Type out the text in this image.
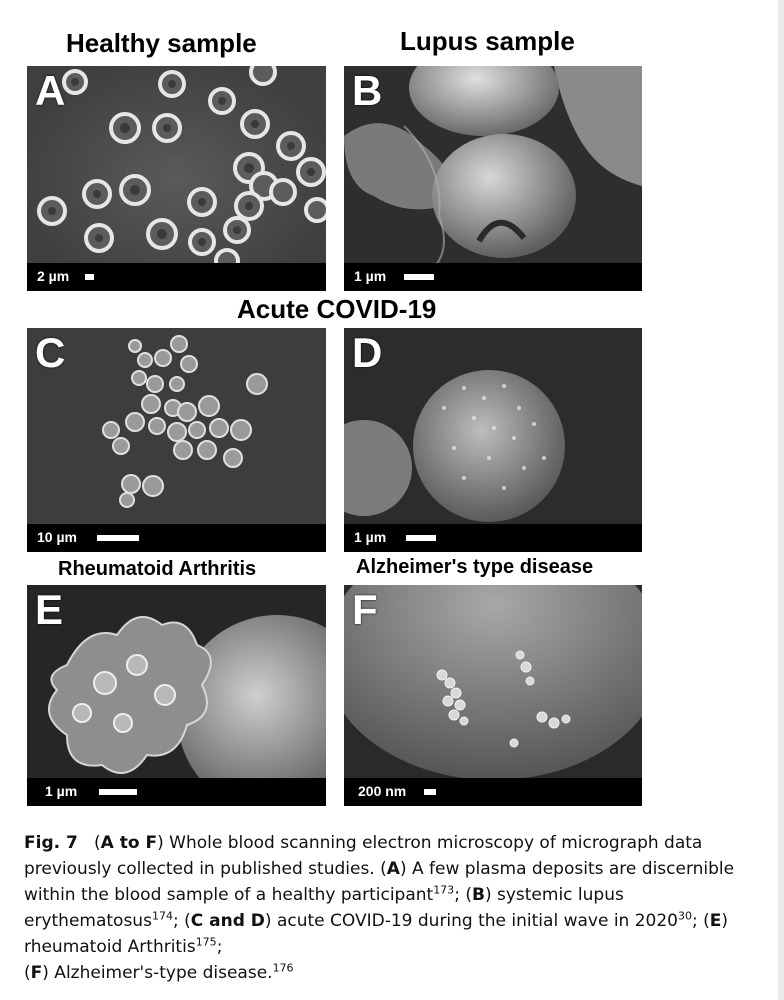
Healthy sample	Lupus sample
Acute COVID-19
Rheumatoid Arthritis	Alzheimer's type disease
A
2 µm
B
1 µm
C
10 µm
D
1 µm
E
1 µm
F
200 nm
Fig. 7   (A to F) Whole blood scanning electron microscopy of micrograph data previously collected in published studies. (A) A few plasma deposits are discernible within the blood sample of a healthy participant$^{173}$; (B) systemic lupus erythematosus$^{174}$; (C and D) acute COVID-19 during the initial wave in 2020$^{30}$; (E) rheumatoid Arthritis$^{175}$;
(F) Alzheimer's-type disease.$^{176}$
